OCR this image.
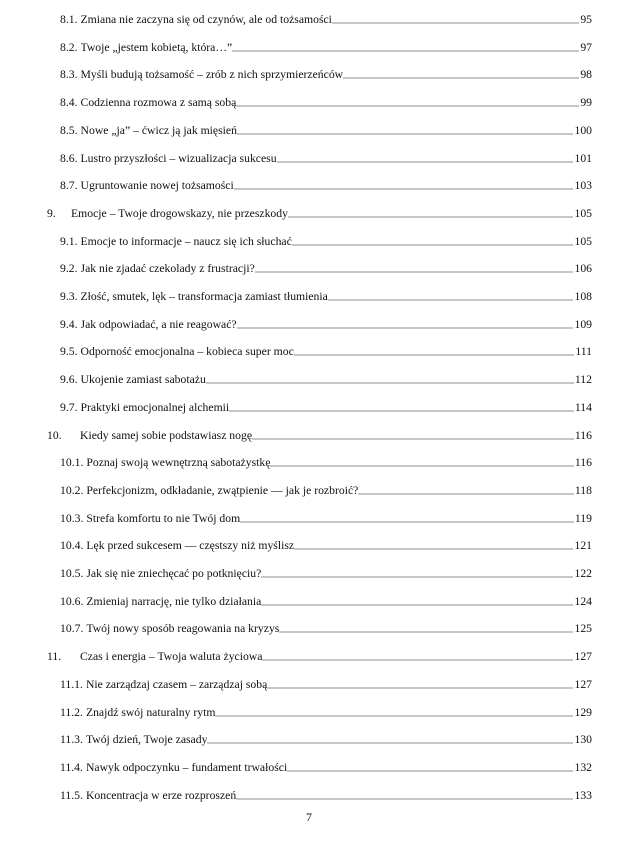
8.1. Zmiana nie zaczyna się od czynów, ale od tożsamości	95
8.2. Twoje „jestem kobietą, która…”	97
8.3. Myśli budują tożsamość – zrób z nich sprzymierzeńców	98
8.4. Codzienna rozmowa z samą sobą	99
8.5. Nowe „ja” – ćwicz ją jak mięsień	100
8.6. Lustro przyszłości – wizualizacja sukcesu	101
8.7. Ugruntowanie nowej tożsamości	103
9.	Emocje – Twoje drogowskazy, nie przeszkody	105
9.1. Emocje to informacje – naucz się ich słuchać	105
9.2. Jak nie zjadać czekolady z frustracji?	106
9.3. Złość, smutek, lęk – transformacja zamiast tłumienia	108
9.4. Jak odpowiadać, a nie reagować?	109
9.5. Odporność emocjonalna – kobieca super moc	111
9.6. Ukojenie zamiast sabotażu	112
9.7. Praktyki emocjonalnej alchemii	114
10.	Kiedy samej sobie podstawiasz nogę	116
10.1. Poznaj swoją wewnętrzną sabotażystkę	116
10.2. Perfekcjonizm, odkładanie, zwątpienie — jak je rozbroić?	118
10.3. Strefa komfortu to nie Twój dom	119
10.4. Lęk przed sukcesem — częstszy niż myślisz	121
10.5. Jak się nie zniechęcać po potknięciu?	122
10.6. Zmieniaj narrację, nie tylko działania	124
10.7. Twój nowy sposób reagowania na kryzys	125
11.	Czas i energia – Twoja waluta życiowa	127
11.1. Nie zarządzaj czasem – zarządzaj sobą	127
11.2. Znajdź swój naturalny rytm	129
11.3. Twój dzień, Twoje zasady	130
11.4. Nawyk odpoczynku – fundament trwałości	132
11.5. Koncentracja w erze rozproszeń	133
7
